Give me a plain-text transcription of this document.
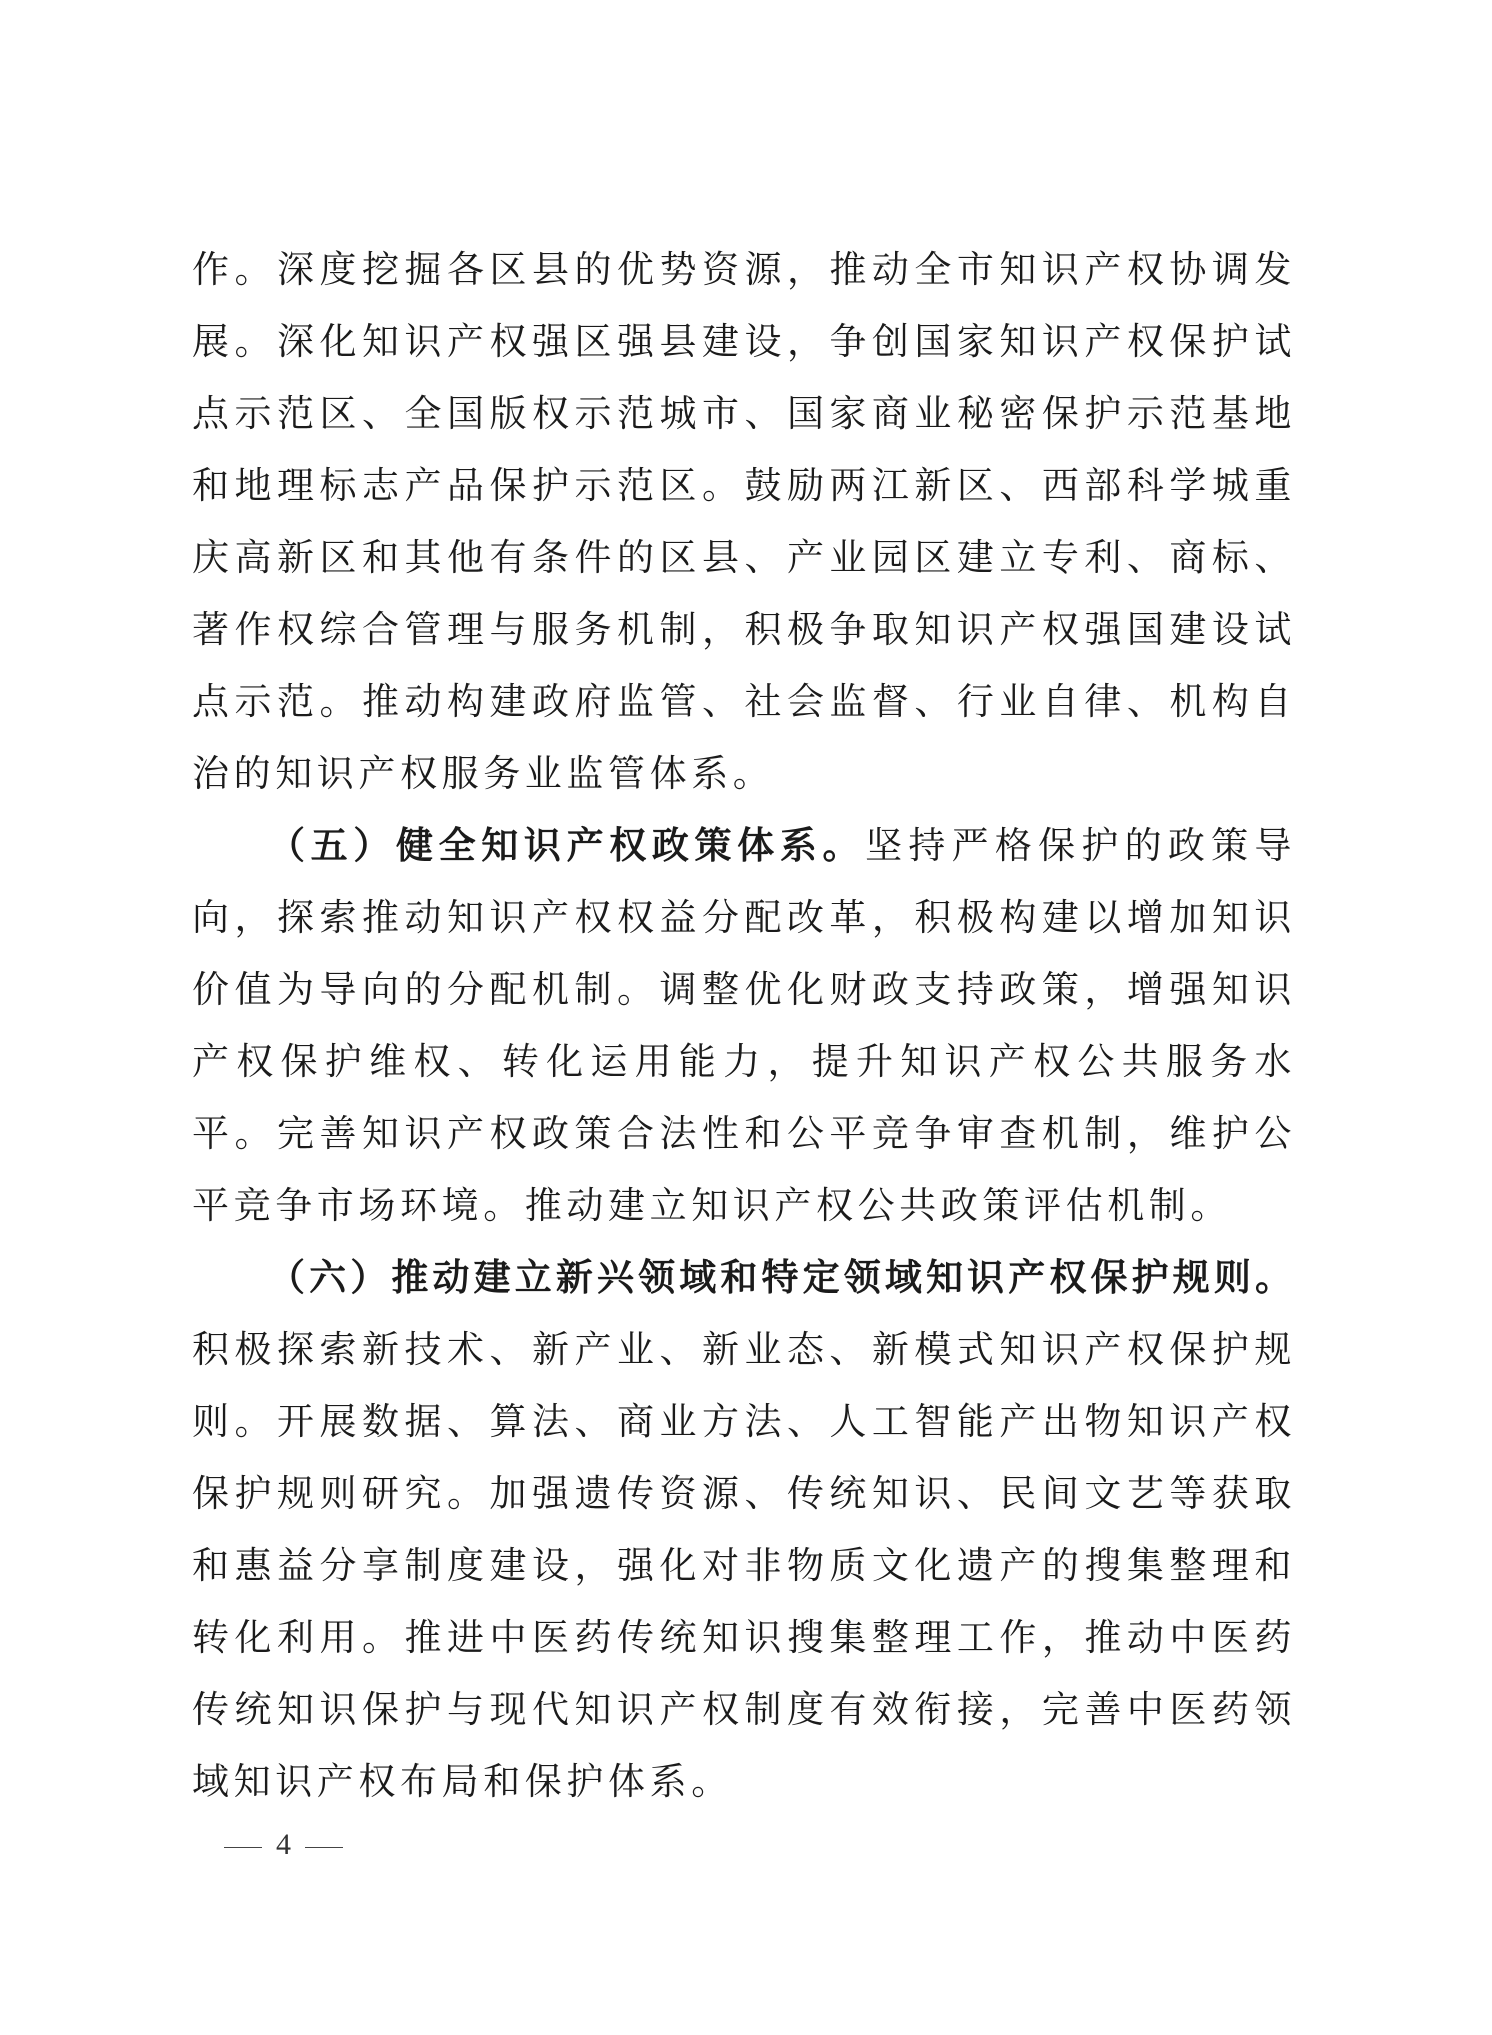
作。深度挖掘各区县的优势资源，推动全市知识产权协调发
展。深化知识产权强区强县建设，争创国家知识产权保护试
点示范区、全国版权示范城市、国家商业秘密保护示范基地
和地理标志产品保护示范区。鼓励两江新区、西部科学城重
庆高新区和其他有条件的区县、产业园区建立专利、商标、
著作权综合管理与服务机制，积极争取知识产权强国建设试
点示范。推动构建政府监管、社会监督、行业自律、机构自
治的知识产权服务业监管体系。
（五）健全知识产权政策体系。坚持严格保护的政策导
向，探索推动知识产权权益分配改革，积极构建以增加知识
价值为导向的分配机制。调整优化财政支持政策，增强知识
产权保护维权、转化运用能力，提升知识产权公共服务水
平。完善知识产权政策合法性和公平竞争审查机制，维护公
平竞争市场环境。推动建立知识产权公共政策评估机制。
（六）推动建立新兴领域和特定领域知识产权保护规则。
积极探索新技术、新产业、新业态、新模式知识产权保护规
则。开展数据、算法、商业方法、人工智能产出物知识产权
保护规则研究。加强遗传资源、传统知识、民间文艺等获取
和惠益分享制度建设，强化对非物质文化遗产的搜集整理和
转化利用。推进中医药传统知识搜集整理工作，推动中医药
传统知识保护与现代知识产权制度有效衔接，完善中医药领
域知识产权布局和保护体系。
4
